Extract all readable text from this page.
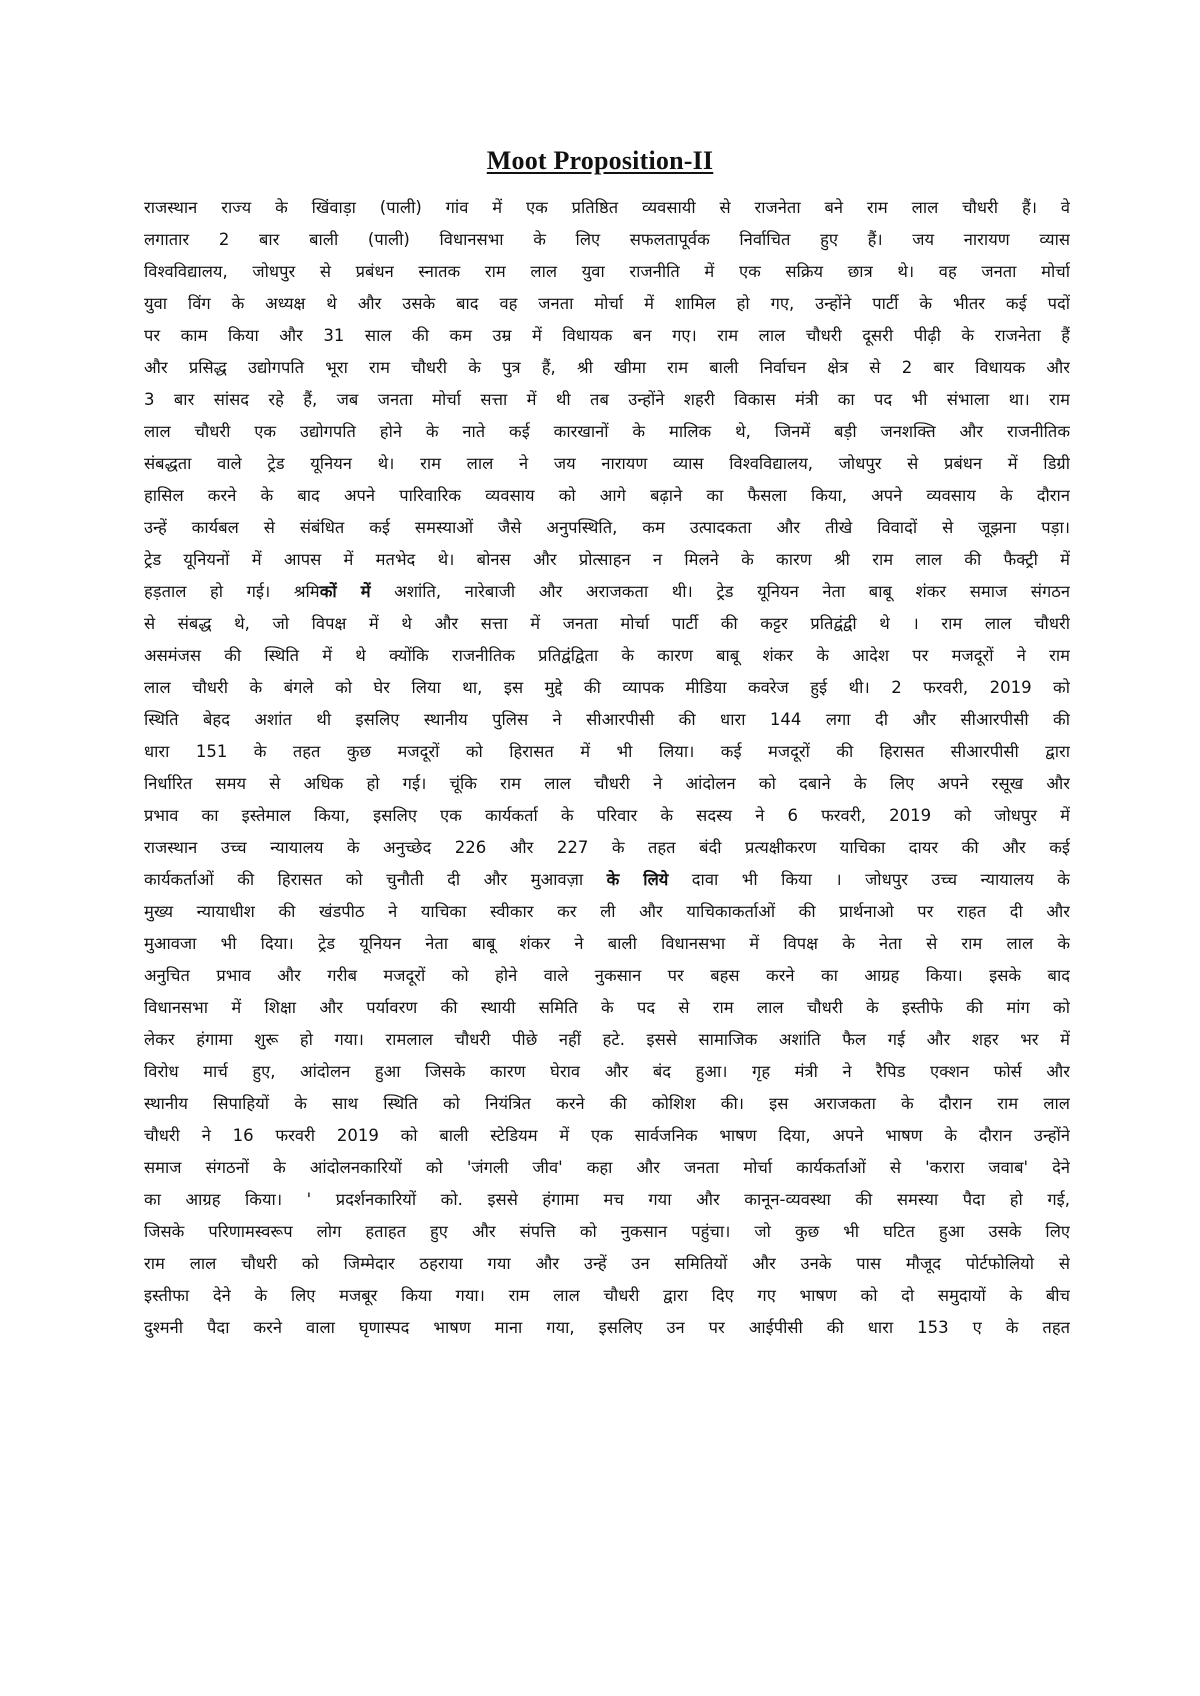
Moot Proposition-II
राजस्थान राज्य के खिंवाड़ा (पाली) गांव में एक प्रतिष्ठित व्यवसायी से राजनेता बने राम लाल चौधरी हैं। वे
लगातार 2 बार बाली (पाली) विधानसभा के लिए सफलतापूर्वक निर्वाचित हुए हैं। जय नारायण व्यास
विश्वविद्यालय, जोधपुर से प्रबंधन स्नातक राम लाल युवा राजनीति में एक सक्रिय छात्र थे। वह जनता मोर्चा
युवा विंग के अध्यक्ष थे और उसके बाद वह जनता मोर्चा में शामिल हो गए, उन्होंने पार्टी के भीतर कई पदों
पर काम किया और 31 साल की कम उम्र में विधायक बन गए। राम लाल चौधरी दूसरी पीढ़ी के राजनेता हैं
और प्रसिद्ध उद्योगपति भूरा राम चौधरी के पुत्र हैं, श्री खीमा राम बाली निर्वाचन क्षेत्र से 2 बार विधायक और
3 बार सांसद रहे हैं, जब जनता मोर्चा सत्ता में थी तब उन्होंने शहरी विकास मंत्री का पद भी संभाला था। राम
लाल चौधरी एक उद्योगपति होने के नाते कई कारखानों के मालिक थे, जिनमें बड़ी जनशक्ति और राजनीतिक
संबद्धता वाले ट्रेड यूनियन थे। राम लाल ने जय नारायण व्यास विश्वविद्यालय, जोधपुर से प्रबंधन में डिग्री
हासिल करने के बाद अपने पारिवारिक व्यवसाय को आगे बढ़ाने का फैसला किया, अपने व्यवसाय के दौरान
उन्हें कार्यबल से संबंधित कई समस्याओं जैसे अनुपस्थिति, कम उत्पादकता और तीखे विवादों से जूझना पड़ा।
ट्रेड यूनियनों में आपस में मतभेद थे। बोनस और प्रोत्साहन न मिलने के कारण श्री राम लाल की फैक्ट्री में
हड़ताल हो गई। श्रमिकों में अशांति, नारेबाजी और अराजकता थी। ट्रेड यूनियन नेता बाबू शंकर समाज संगठन
से संबद्ध थे, जो विपक्ष में थे और सत्ता में जनता मोर्चा पार्टी की कट्टर प्रतिद्वंद्वी थे । राम लाल चौधरी
असमंजस की स्थिति में थे क्योंकि राजनीतिक प्रतिद्वंद्विता के कारण बाबू शंकर के आदेश पर मजदूरों ने राम
लाल चौधरी के बंगले को घेर लिया था, इस मुद्दे की व्यापक मीडिया कवरेज हुई थी। 2 फरवरी, 2019 को
स्थिति बेहद अशांत थी इसलिए स्थानीय पुलिस ने सीआरपीसी की धारा 144 लगा दी और सीआरपीसी की
धारा 151 के तहत कुछ मजदूरों को हिरासत में भी लिया। कई मजदूरों की हिरासत सीआरपीसी द्वारा
निर्धारित समय से अधिक हो गई। चूंकि राम लाल चौधरी ने आंदोलन को दबाने के लिए अपने रसूख और
प्रभाव का इस्तेमाल किया, इसलिए एक कार्यकर्ता के परिवार के सदस्य ने 6 फरवरी, 2019 को जोधपुर में
राजस्थान उच्च न्यायालय के अनुच्छेद 226 और 227 के तहत बंदी प्रत्यक्षीकरण याचिका दायर की और कई
कार्यकर्ताओं की हिरासत को चुनौती दी और मुआवज़ा के लिये दावा भी किया । जोधपुर उच्च न्यायालय के
मुख्य न्यायाधीश की खंडपीठ ने याचिका स्वीकार कर ली और याचिकाकर्ताओं की प्रार्थनाओ पर राहत दी और
मुआवजा भी दिया। ट्रेड यूनियन नेता बाबू शंकर ने बाली विधानसभा में विपक्ष के नेता से राम लाल के
अनुचित प्रभाव और गरीब मजदूरों को होने वाले नुकसान पर बहस करने का आग्रह किया। इसके बाद
विधानसभा में शिक्षा और पर्यावरण की स्थायी समिति के पद से राम लाल चौधरी के इस्तीफे की मांग को
लेकर हंगामा शुरू हो गया। रामलाल चौधरी पीछे नहीं हटे. इससे सामाजिक अशांति फैल गई और शहर भर में
विरोध मार्च हुए, आंदोलन हुआ जिसके कारण घेराव और बंद हुआ। गृह मंत्री ने रैपिड एक्शन फोर्स और
स्थानीय सिपाहियों के साथ स्थिति को नियंत्रित करने की कोशिश की। इस अराजकता के दौरान राम लाल
चौधरी ने 16 फरवरी 2019 को बाली स्टेडियम में एक सार्वजनिक भाषण दिया, अपने भाषण के दौरान उन्होंने
समाज संगठनों के आंदोलनकारियों को 'जंगली जीव' कहा और जनता मोर्चा कार्यकर्ताओं से 'करारा जवाब' देने
का आग्रह किया। ' प्रदर्शनकारियों को. इससे हंगामा मच गया और कानून-व्यवस्था की समस्या पैदा हो गई,
जिसके परिणामस्वरूप लोग हताहत हुए और संपत्ति को नुकसान पहुंचा। जो कुछ भी घटित हुआ उसके लिए
राम लाल चौधरी को जिम्मेदार ठहराया गया और उन्हें उन समितियों और उनके पास मौजूद पोर्टफोलियो से
इस्तीफा देने के लिए मजबूर किया गया। राम लाल चौधरी द्वारा दिए गए भाषण को दो समुदायों के बीच
दुश्मनी पैदा करने वाला घृणास्पद भाषण माना गया, इसलिए उन पर आईपीसी की धारा 153 ए के तहत
